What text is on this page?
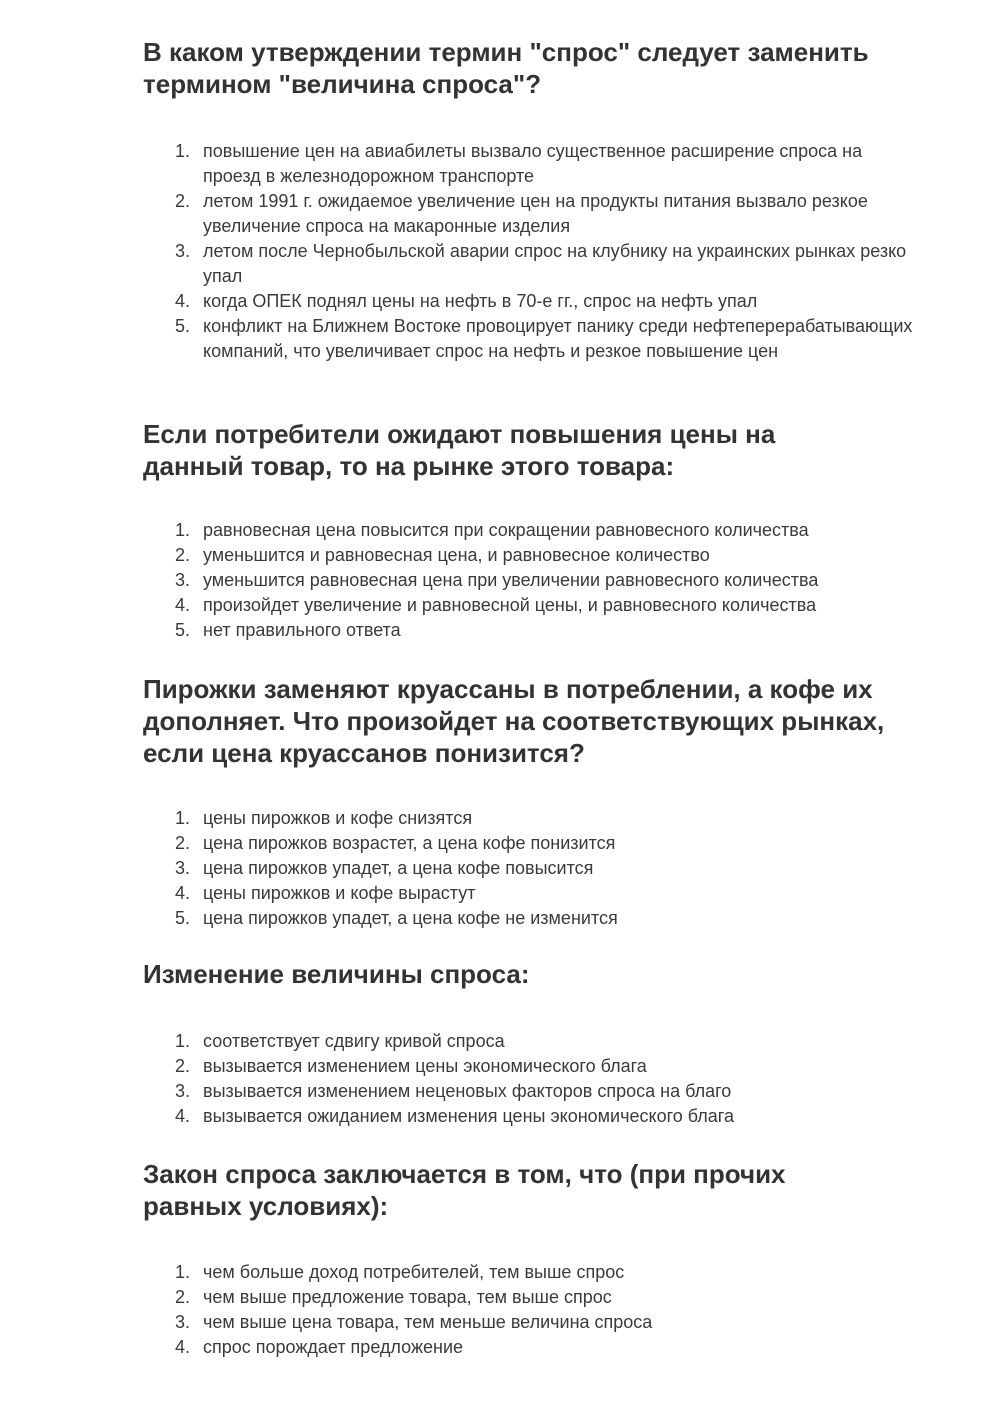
В каком утверждении термин "спрос" следует заменить термином "величина спроса"?
1. повышение цен на авиабилеты вызвало существенное расширение спроса на проезд в железнодорожном транспорте
2. летом 1991 г. ожидаемое увеличение цен на продукты питания вызвало резкое увеличение спроса на макаронные изделия
3. летом после Чернобыльской аварии спрос на клубнику на украинских рынках резко упал
4. когда ОПЕК поднял цены на нефть в 70-е гг., спрос на нефть упал
5. конфликт на Ближнем Востоке провоцирует панику среди нефтеперерабатывающих компаний, что увеличивает спрос на нефть и резкое повышение цен
Если потребители ожидают повышения цены на данный товар, то на рынке этого товара:
1. равновесная цена повысится при сокращении равновесного количества
2. уменьшится и равновесная цена, и равновесное количество
3. уменьшится равновесная цена при увеличении равновесного количества
4. произойдет увеличение и равновесной цены, и равновесного количества
5. нет правильного ответа
Пирожки заменяют круассаны в потреблении, а кофе их дополняет. Что произойдет на соответствующих рынках, если цена круассанов понизится?
1. цены пирожков и кофе снизятся
2. цена пирожков возрастет, а цена кофе понизится
3. цена пирожков упадет, а цена кофе повысится
4. цены пирожков и кофе вырастут
5. цена пирожков упадет, а цена кофе не изменится
Изменение величины спроса:
1. соответствует сдвигу кривой спроса
2. вызывается изменением цены экономического блага
3. вызывается изменением неценовых факторов спроса на благо
4. вызывается ожиданием изменения цены экономического блага
Закон спроса заключается в том, что (при прочих равных условиях):
1. чем больше доход потребителей, тем выше спрос
2. чем выше предложение товара, тем выше спрос
3. чем выше цена товара, тем меньше величина спроса
4. спрос порождает предложение
